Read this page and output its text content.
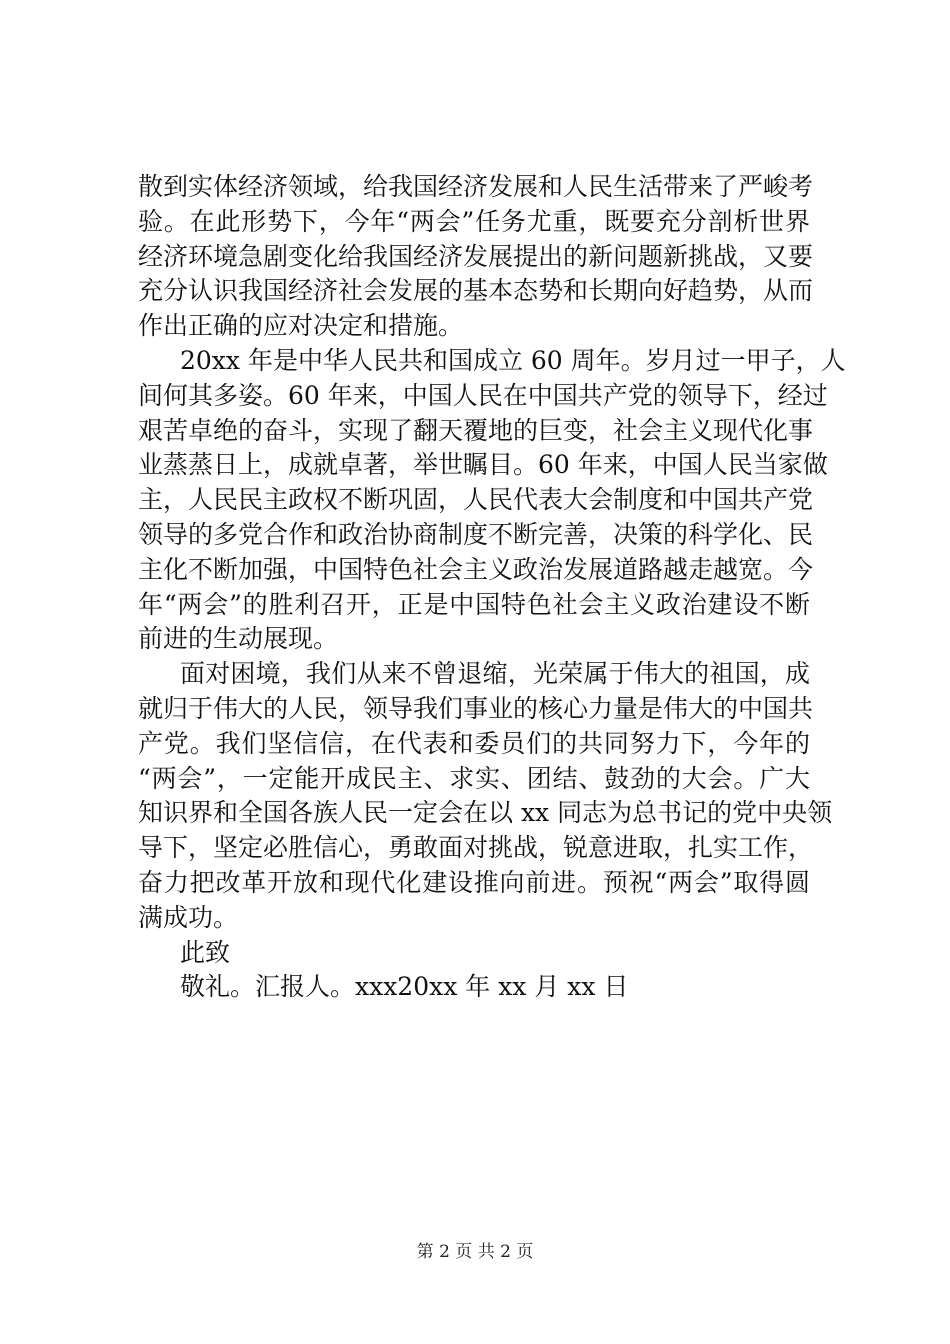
散到实体经济领域，给我国经济发展和人民生活带来了严峻考
验。在此形势下，今年“两会”任务尤重，既要充分剖析世界
经济环境急剧变化给我国经济发展提出的新问题新挑战，又要
充分认识我国经济社会发展的基本态势和长期向好趋势，从而
作出正确的应对决定和措施。
20xx 年是中华人民共和国成立 60 周年。岁月过一甲子，人
间何其多姿。60 年来，中国人民在中国共产党的领导下，经过
艰苦卓绝的奋斗，实现了翻天覆地的巨变，社会主义现代化事
业蒸蒸日上，成就卓著，举世瞩目。60 年来，中国人民当家做
主，人民民主政权不断巩固，人民代表大会制度和中国共产党
领导的多党合作和政治协商制度不断完善，决策的科学化、民
主化不断加强，中国特色社会主义政治发展道路越走越宽。今
年“两会”的胜利召开，正是中国特色社会主义政治建设不断
前进的生动展现。
面对困境，我们从来不曾退缩，光荣属于伟大的祖国，成
就归于伟大的人民，领导我们事业的核心力量是伟大的中国共
产党。我们坚信信，在代表和委员们的共同努力下，今年的
“两会”，一定能开成民主、求实、团结、鼓劲的大会。广大
知识界和全国各族人民一定会在以 xx 同志为总书记的党中央领
导下，坚定必胜信心，勇敢面对挑战，锐意进取，扎实工作，
奋力把改革开放和现代化建设推向前进。预祝“两会”取得圆
满成功。
此致
敬礼。汇报人。xxx20xx 年 xx 月 xx 日
第 2 页 共 2 页
